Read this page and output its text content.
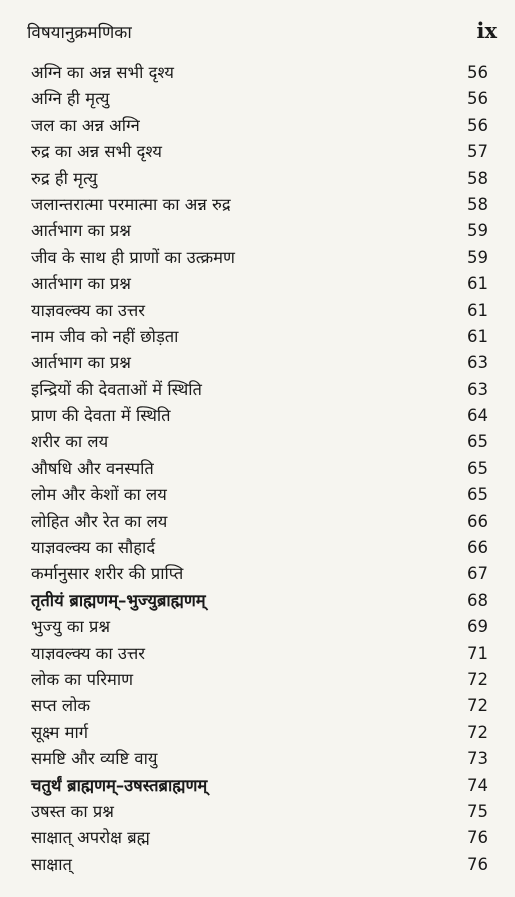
विषयानुक्रमणिका	ix
अग्नि का अन्न सभी दृश्य	56
अग्नि ही मृत्यु	56
जल का अन्न अग्नि	56
रुद्र का अन्न सभी दृश्य	57
रुद्र ही मृत्यु	58
जलान्तरात्मा परमात्मा का अन्न रुद्र	58
आर्तभाग का प्रश्न	59
जीव के साथ ही प्राणों का उत्क्रमण	59
आर्तभाग का प्रश्न	61
याज्ञवल्क्य का उत्तर	61
नाम जीव को नहीं छोड़ता	61
आर्तभाग का प्रश्न	63
इन्द्रियों की देवताओं में स्थिति	63
प्राण की देवता में स्थिति	64
शरीर का लय	65
औषधि और वनस्पति	65
लोम और केशों का लय	65
लोहित और रेत का लय	66
याज्ञवल्क्य का सौहार्द	66
कर्मानुसार शरीर की प्राप्ति	67
तृतीयं ब्राह्मणम्–भुज्युब्राह्मणम्	68
भुज्यु का प्रश्न	69
याज्ञवल्क्य का उत्तर	71
लोक का परिमाण	72
सप्त लोक	72
सूक्ष्म मार्ग	72
समष्टि और व्यष्टि वायु	73
चतुर्थं ब्राह्मणम्–उषस्तब्राह्मणम्	74
उषस्त का प्रश्न	75
साक्षात् अपरोक्ष ब्रह्म	76
साक्षात्	76
